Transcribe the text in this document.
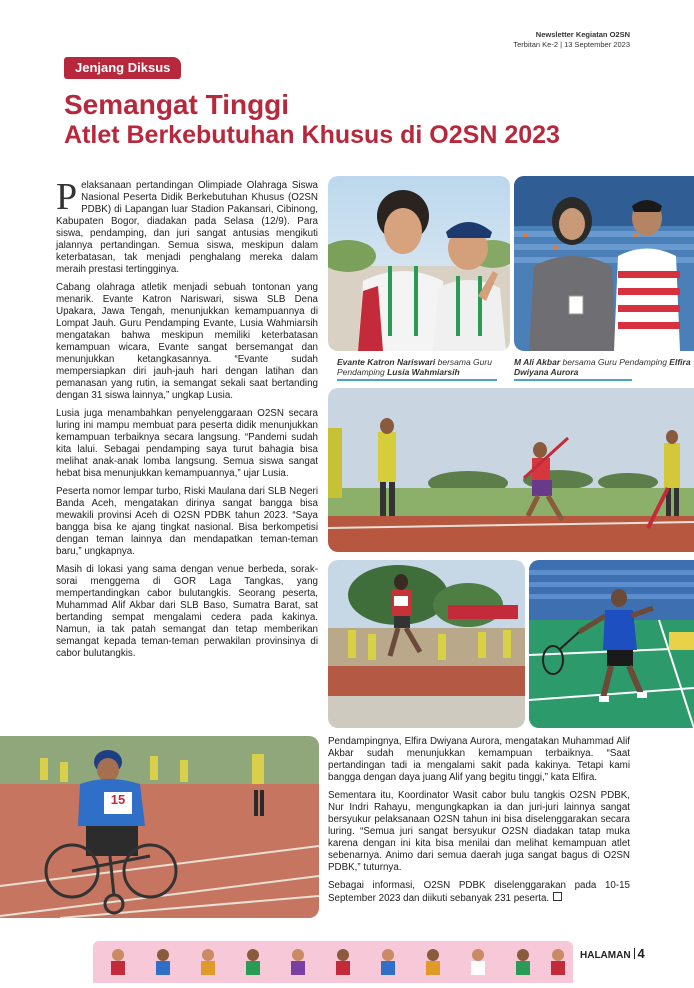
Newsletter Kegiatan O2SN
Terbitan Ke-2 | 13 September 2023
Jenjang Diksus
Semangat Tinggi
Atlet Berkebutuhan Khusus di O2SN 2023

Pelaksanaan pertandingan Olimpiade Olahraga Siswa Nasional Peserta Didik Berkebutuhan Khusus (O2SN PDBK) di Lapangan luar Stadion Pakansari, Cibinong, Kabupaten Bogor, diadakan pada Selasa (12/9). Para siswa, pendamping, dan juri sangat antusias mengikuti jalannya pertandingan. Semua siswa, meskipun dalam keterbatasan, tak menjadi penghalang mereka dalam meraih prestasi tertingginya.

Cabang olahraga atletik menjadi sebuah tontonan yang menarik. Evante Katron Nariswari, siswa SLB Dena Upakara, Jawa Tengah, menunjukkan kemampuannya di Lompat Jauh. Guru Pendamping Evante, Lusia Wahmiarsih mengatakan bahwa meskipun memiliki keterbatasan kemampuan wicara, Evante sangat bersemangat dan menunjukkan ketangkasannya. “Evante sudah mempersiapkan diri jauh-jauh hari dengan latihan dan pemanasan yang rutin, ia semangat sekali saat bertanding dengan 31 siswa lainnya,” ungkap Lusia.

Lusia juga menambahkan penyelenggaraan O2SN secara luring ini mampu membuat para peserta didik menunjukkan kemampuan terbaiknya secara langsung. “Pandemi sudah kita lalui. Sebagai pendamping saya turut bahagia bisa melihat anak-anak lomba langsung. Semua siswa sangat hebat bisa menunjukkan kemampuannya,” ujar Lusia.

Peserta nomor lempar turbo, Riski Maulana dari SLB Negeri Banda Aceh, mengatakan dirinya sangat bangga bisa mewakili provinsi Aceh di O2SN PDBK tahun 2023. “Saya bangga bisa ke ajang tingkat nasional. Bisa berkompetisi dengan teman lainnya dan mendapatkan teman-teman baru,” ungkapnya.

Masih di lokasi yang sama dengan venue berbeda, sorak-sorai menggema di GOR Laga Tangkas, yang mempertandingkan cabor bulutangkis. Seorang peserta, Muhammad Alif Akbar dari SLB Baso, Sumatra Barat, sat bertanding sempat mengalami cedera pada kakinya. Namun, ia tak patah semangat dan tetap memberikan semangat kepada teman-teman perwakilan provinsinya di cabor bulutangkis.

Evante Katron Nariswari bersama Guru Pendamping Lusia Wahmiarsih
M Ali Akbar bersama Guru Pendamping Elfira Dwiyana Aurora
15

Pendampingnya, Elfira Dwiyana Aurora, mengatakan Muhammad Alif Akbar sudah menunjukkan kemampuan terbaiknya. “Saat pertandingan tadi ia mengalami sakit pada kakinya. Tetapi kami bangga dengan daya juang Alif yang begitu tinggi,” kata Elfira.

Sementara itu, Koordinator Wasit cabor bulu tangkis O2SN PDBK, Nur Indri Rahayu, mengungkapkan ia dan juri-juri lainnya sangat bersyukur pelaksanaan O2SN tahun ini bisa diselenggarakan secara luring. “Semua juri sangat bersyukur O2SN diadakan tatap muka karena dengan ini kita bisa menilai dan melihat kemampuan atlet sebenarnya. Animo dari semua daerah juga sangat bagus di O2SN PDBK,” tuturnya.

Sebagai informasi, O2SN PDBK diselenggarakan pada 10-15 September 2023 dan diikuti sebanyak 231 peserta.

HALAMAN 4
